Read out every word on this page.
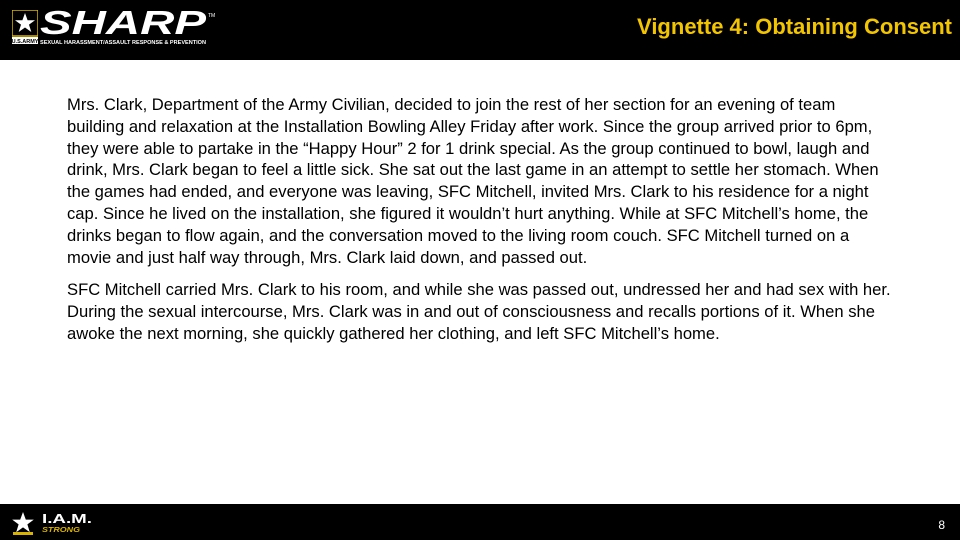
U.S.ARMY
SHARP TM
SEXUAL HARASSMENT/ASSAULT RESPONSE & PREVENTION
Vignette 4: Obtaining Consent

Mrs. Clark, Department of the Army Civilian, decided to join the rest of her section for an evening of team building and relaxation at the Installation Bowling Alley Friday after work. Since the group arrived prior to 6pm, they were able to partake in the “Happy Hour” 2 for 1 drink special. As the group continued to bowl, laugh and drink, Mrs. Clark began to feel a little sick. She sat out the last game in an attempt to settle her stomach. When the games had ended, and everyone was leaving, SFC Mitchell, invited Mrs. Clark to his residence for a night cap. Since he lived on the installation, she figured it wouldn’t hurt anything. While at SFC Mitchell’s home, the drinks began to flow again, and the conversation moved to the living room couch. SFC Mitchell turned on a movie and just half way through, Mrs. Clark laid down, and passed out.

SFC Mitchell carried Mrs. Clark to his room, and while she was passed out, undressed her and had sex with her. During the sexual intercourse, Mrs. Clark was in and out of consciousness and recalls portions of it. When she awoke the next morning, she quickly gathered her clothing, and left SFC Mitchell’s home.

I.A.M.
STRONG	8
